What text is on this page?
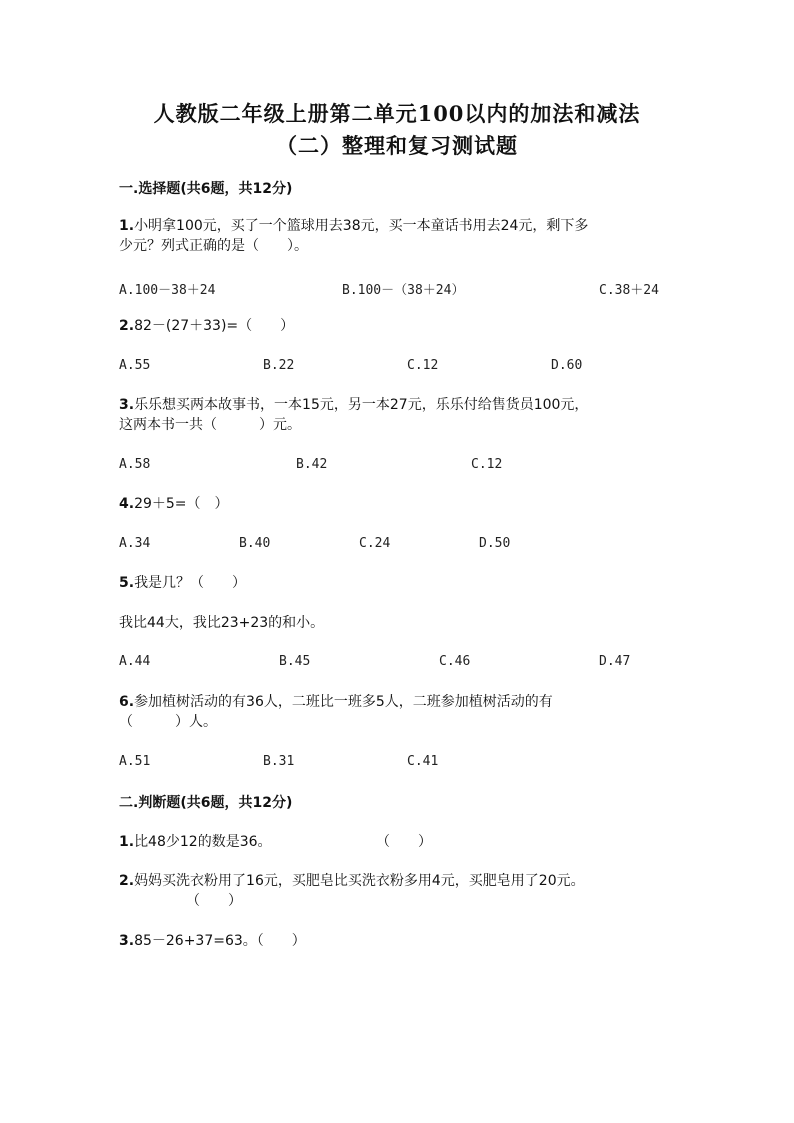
人教版二年级上册第二单元100以内的加法和减法
（二）整理和复习测试题
一.选择题(共6题，共12分)
1.小明拿100元，买了一个篮球用去38元，买一本童话书用去24元，剩下多
少元？列式正确的是（　　）。
A.100－38＋24	B.100－（38＋24）	C.38＋24
2.82－(27＋33)=（　　）
A.55	B.22	C.12	D.60
3.乐乐想买两本故事书，一本15元，另一本27元，乐乐付给售货员100元，
这两本书一共（　　　）元。
A.58	B.42	C.12
4.29＋5=（　）
A.34	B.40	C.24	D.50
5.我是几？（　　）
我比44大，我比23+23的和小。
A.44	B.45	C.46	D.47
6.参加植树活动的有36人，二班比一班多5人，二班参加植树活动的有
（　　　）人。
A.51	B.31	C.41
二.判断题(共6题，共12分)
1.比48少12的数是36。	（　　）
2.妈妈买洗衣粉用了16元，买肥皂比买洗衣粉多用4元，买肥皂用了20元。
（　　）
3.85－26+37=63。（　　）
